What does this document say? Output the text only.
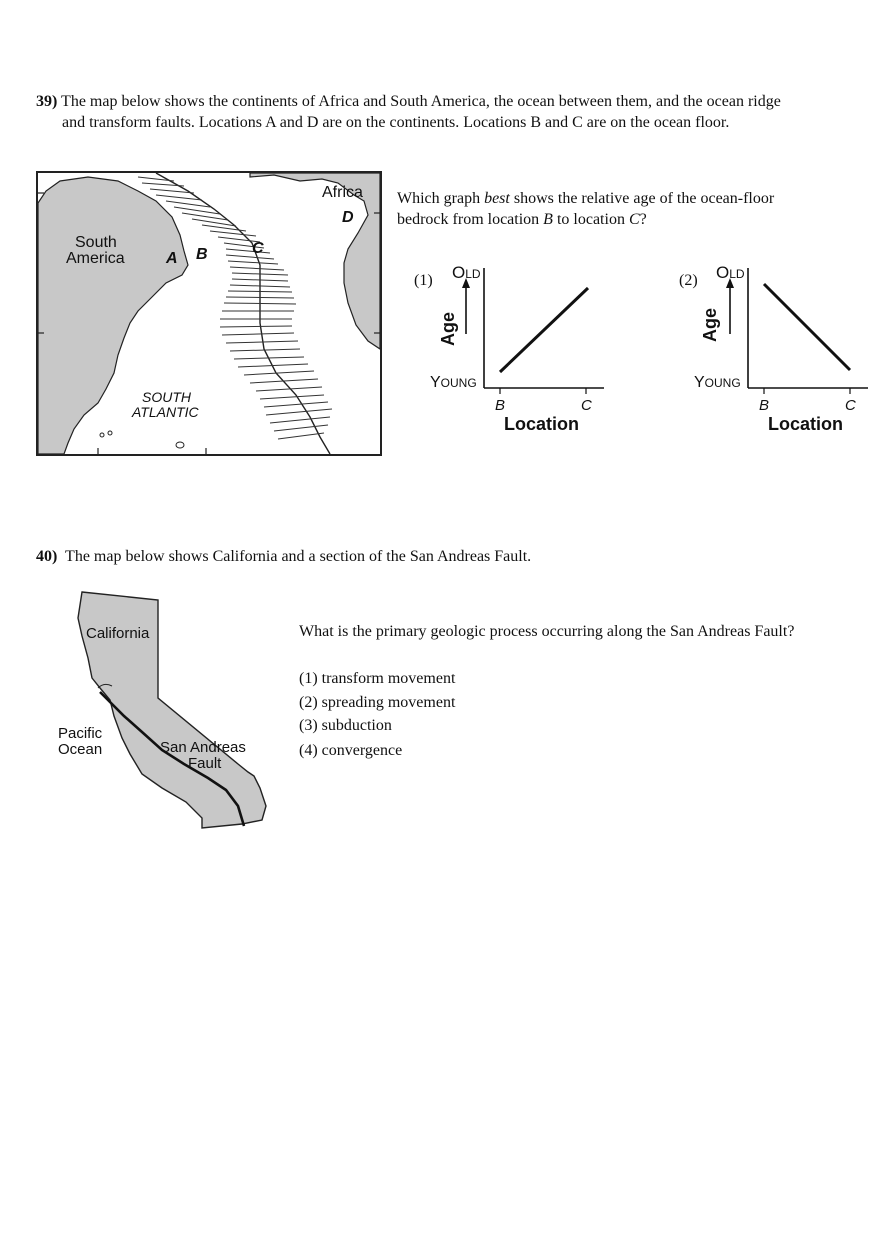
39) The map below shows the continents of Africa and South America, the ocean between them, and the ocean ridge
and transform faults. Locations A and D are on the continents. Locations B and C are on the ocean floor.
Africa
D
South
America	A B	C
SOUTH
ATLANTIC
Which graph best shows the relative age of the ocean-floor
bedrock from location B to location C?
(1) OLD
YOUNG
Age
B	C
Location
(2) OLD
YOUNG
Age
B	C
Location
40) The map below shows California and a section of the San Andreas Fault.
California
Pacific
Ocean	San Andreas
Fault
What is the primary geologic process occurring along the San Andreas Fault?
(1) transform movement
(2) spreading movement
(3) subduction
(4) convergence
